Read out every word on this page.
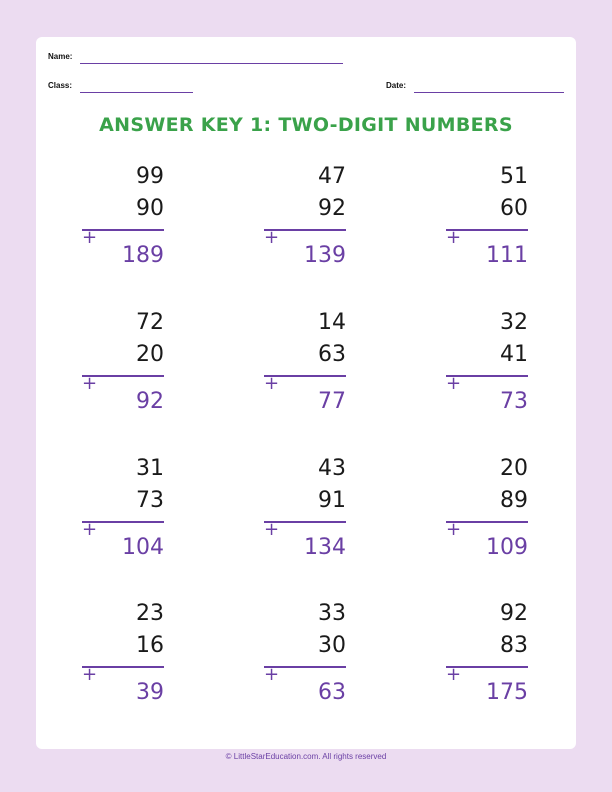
Name:
Class:	Date:
ANSWER KEY 1: TWO-DIGIT NUMBERS
99
90
+
189
47
92
+
139
51
60
+
111
72
20
+
92
14
63
+
77
32
41
+
73
31
73
+
104
43
91
+
134
20
89
+
109
23
16
+
39
33
30
+
63
92
83
+
175
© LittleStarEducation.com. All rights reserved
